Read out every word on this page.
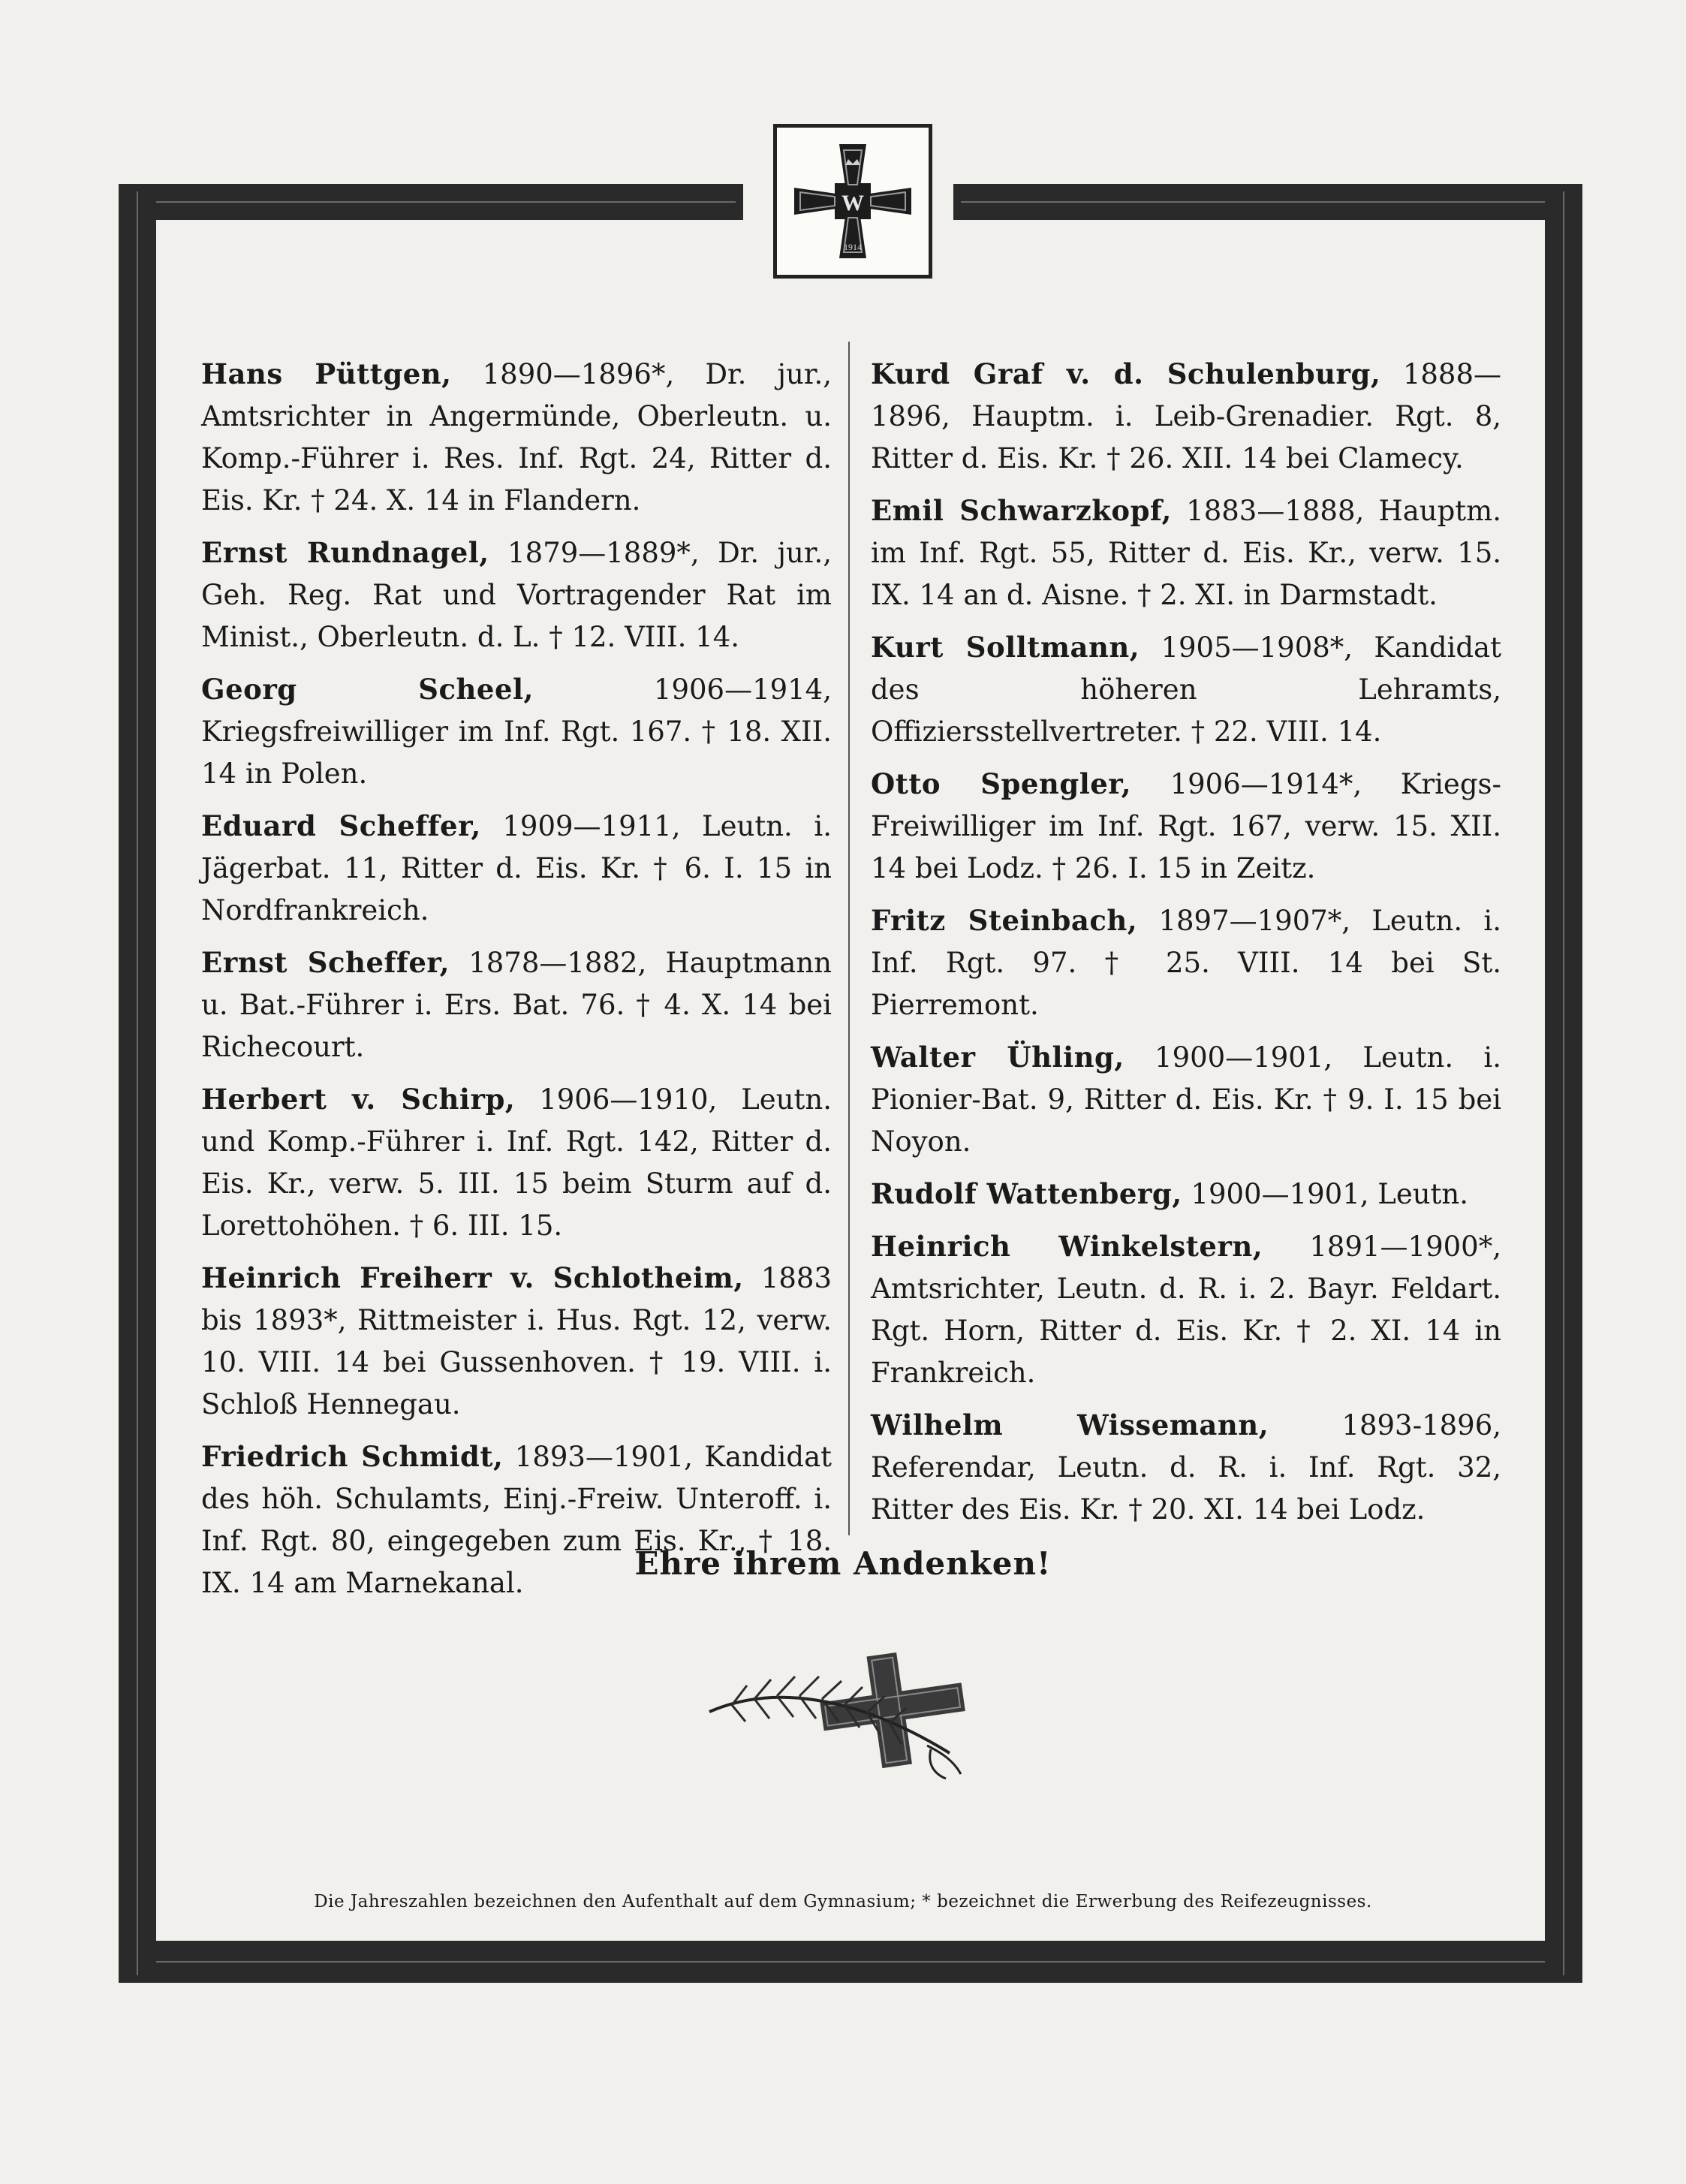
W
1914

Hans Püttgen, 1890—1896*, Dr. jur., Amtsrichter in Angermünde, Oberleutn. u. Komp.-Führer i. Res. Inf. Rgt. 24, Ritter d. Eis. Kr. † 24. X. 14 in Flandern.

Ernst Rundnagel, 1879—1889*, Dr. jur., Geh. Reg. Rat und Vortragender Rat im Minist., Oberleutn. d. L. † 12. VIII. 14.

Georg Scheel, 1906—1914, Kriegsfreiwilliger im Inf. Rgt. 167. † 18. XII. 14 in Polen.

Eduard Scheffer, 1909—1911, Leutn. i. Jägerbat. 11, Ritter d. Eis. Kr. † 6. I. 15 in Nordfrankreich.

Ernst Scheffer, 1878—1882, Hauptmann u. Bat.-Führer i. Ers. Bat. 76. † 4. X. 14 bei Richecourt.

Herbert v. Schirp, 1906—1910, Leutn. und Komp.-Führer i. Inf. Rgt. 142, Ritter d. Eis. Kr., verw. 5. III. 15 beim Sturm auf d. Lorettohöhen. † 6. III. 15.

Heinrich Freiherr v. Schlotheim, 1883 bis 1893*, Rittmeister i. Hus. Rgt. 12, verw. 10. VIII. 14 bei Gussenhoven. † 19. VIII. i. Schloß Hennegau.

Friedrich Schmidt, 1893—1901, Kandidat des höh. Schulamts, Einj.-Freiw. Unteroff. i. Inf. Rgt. 80, eingegeben zum Eis. Kr., † 18. IX. 14 am Marnekanal.

Kurd Graf v. d. Schulenburg, 1888—1896, Hauptm. i. Leib-Grenadier. Rgt. 8, Ritter d. Eis. Kr. † 26. XII. 14 bei Clamecy.

Emil Schwarzkopf, 1883—1888, Hauptm. im Inf. Rgt. 55, Ritter d. Eis. Kr., verw. 15. IX. 14 an d. Aisne. † 2. XI. in Darmstadt.

Kurt Solltmann, 1905—1908*, Kandidat des höheren Lehramts, Offiziersstellvertreter. † 22. VIII. 14.

Otto Spengler, 1906—1914*, Kriegs-Freiwilliger im Inf. Rgt. 167, verw. 15. XII. 14 bei Lodz. † 26. I. 15 in Zeitz.

Fritz Steinbach, 1897—1907*, Leutn. i. Inf. Rgt. 97. † 25. VIII. 14 bei St. Pierremont.

Walter Ühling, 1900—1901, Leutn. i. Pionier-Bat. 9, Ritter d. Eis. Kr. † 9. I. 15 bei Noyon.

Rudolf Wattenberg, 1900—1901, Leutn.

Heinrich Winkelstern, 1891—1900*, Amtsrichter, Leutn. d. R. i. 2. Bayr. Feldart. Rgt. Horn, Ritter d. Eis. Kr. † 2. XI. 14 in Frankreich.

Wilhelm Wissemann, 1893-1896, Referendar, Leutn. d. R. i. Inf. Rgt. 32, Ritter des Eis. Kr. † 20. XI. 14 bei Lodz.

Ehre ihrem Andenken!
Die Jahreszahlen bezeichnen den Aufenthalt auf dem Gymnasium; * bezeichnet die Erwerbung des Reifezeugnisses.
